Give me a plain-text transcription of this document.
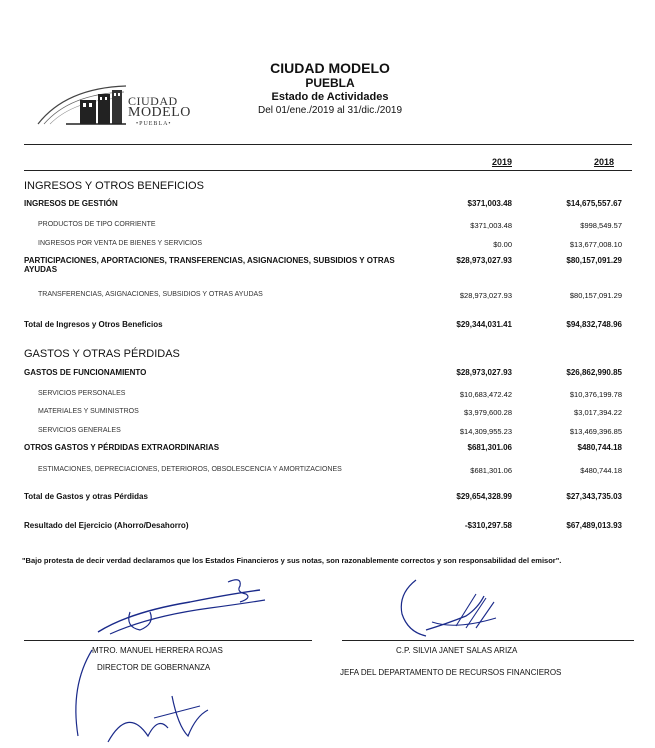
CIUDAD
MODELO
•PUEBLA•
CIUDAD MODELO
PUEBLA
Estado de Actividades
Del 01/ene./2019 al 31/dic./2019
2019	2018
INGRESOS Y OTROS BENEFICIOS
INGRESOS DE GESTIÓN	$371,003.48	$14,675,557.67
PRODUCTOS DE TIPO CORRIENTE	$371,003.48	$998,549.57
INGRESOS POR VENTA DE BIENES Y SERVICIOS	$0.00	$13,677,008.10
PARTICIPACIONES, APORTACIONES, TRANSFERENCIAS, ASIGNACIONES, SUBSIDIOS Y OTRAS AYUDAS
$28,973,027.93	$80,157,091.29
TRANSFERENCIAS, ASIGNACIONES, SUBSIDIOS Y OTRAS AYUDAS	$28,973,027.93	$80,157,091.29
Total de Ingresos y Otros Beneficios	$29,344,031.41	$94,832,748.96
GASTOS Y OTRAS PÉRDIDAS
GASTOS DE FUNCIONAMIENTO	$28,973,027.93	$26,862,990.85
SERVICIOS PERSONALES	$10,683,472.42	$10,376,199.78
MATERIALES Y SUMINISTROS	$3,979,600.28	$3,017,394.22
SERVICIOS GENERALES	$14,309,955.23	$13,469,396.85
OTROS GASTOS Y PÉRDIDAS EXTRAORDINARIAS	$681,301.06	$480,744.18
ESTIMACIONES, DEPRECIACIONES, DETERIOROS, OBSOLESCENCIA Y AMORTIZACIONES	$681,301.06	$480,744.18
Total de Gastos y otras Pérdidas	$29,654,328.99	$27,343,735.03
Resultado del Ejercicio (Ahorro/Desahorro)	-$310,297.58	$67,489,013.93
"Bajo protesta de decir verdad declaramos que los Estados Financieros y sus notas, son razonablemente correctos y son responsabilidad del emisor".
MTRO. MANUEL HERRERA ROJAS
DIRECTOR DE GOBERNANZA
C.P. SILVIA JANET SALAS ARIZA
JEFA DEL DEPARTAMENTO DE RECURSOS FINANCIEROS
